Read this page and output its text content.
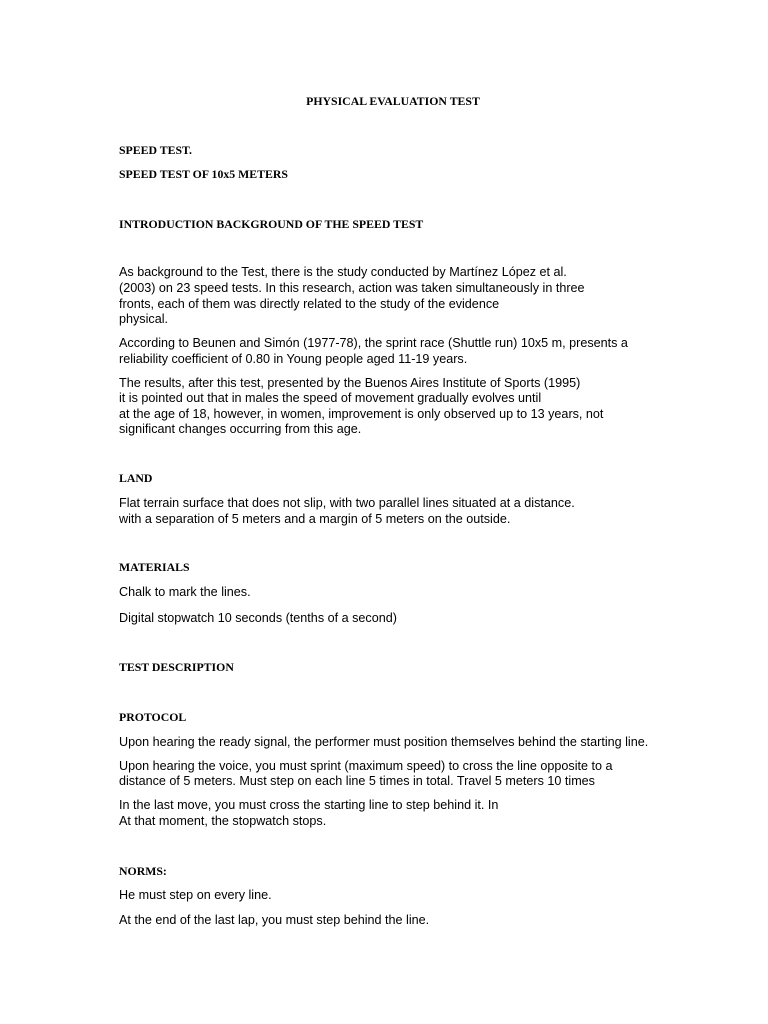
PHYSICAL EVALUATION TEST
SPEED TEST.
SPEED TEST OF 10x5 METERS
INTRODUCTION BACKGROUND OF THE SPEED TEST
As background to the Test, there is the study conducted by Martínez López et al.
(2003) on 23 speed tests. In this research, action was taken simultaneously in three
fronts, each of them was directly related to the study of the evidence
physical.
According to Beunen and Simón (1977-78), the sprint race (Shuttle run) 10x5 m, presents a
reliability coefficient of 0.80 in Young people aged 11-19 years.
The results, after this test, presented by the Buenos Aires Institute of Sports (1995)
it is pointed out that in males the speed of movement gradually evolves until
at the age of 18, however, in women, improvement is only observed up to 13 years, not
significant changes occurring from this age.
LAND
Flat terrain surface that does not slip, with two parallel lines situated at a distance.
with a separation of 5 meters and a margin of 5 meters on the outside.
MATERIALS
Chalk to mark the lines.
Digital stopwatch 10 seconds (tenths of a second)
TEST DESCRIPTION
PROTOCOL
Upon hearing the ready signal, the performer must position themselves behind the starting line.
Upon hearing the voice, you must sprint (maximum speed) to cross the line opposite to a
distance of 5 meters. Must step on each line 5 times in total. Travel 5 meters 10 times
In the last move, you must cross the starting line to step behind it. In
At that moment, the stopwatch stops.
NORMS:
He must step on every line.
At the end of the last lap, you must step behind the line.
